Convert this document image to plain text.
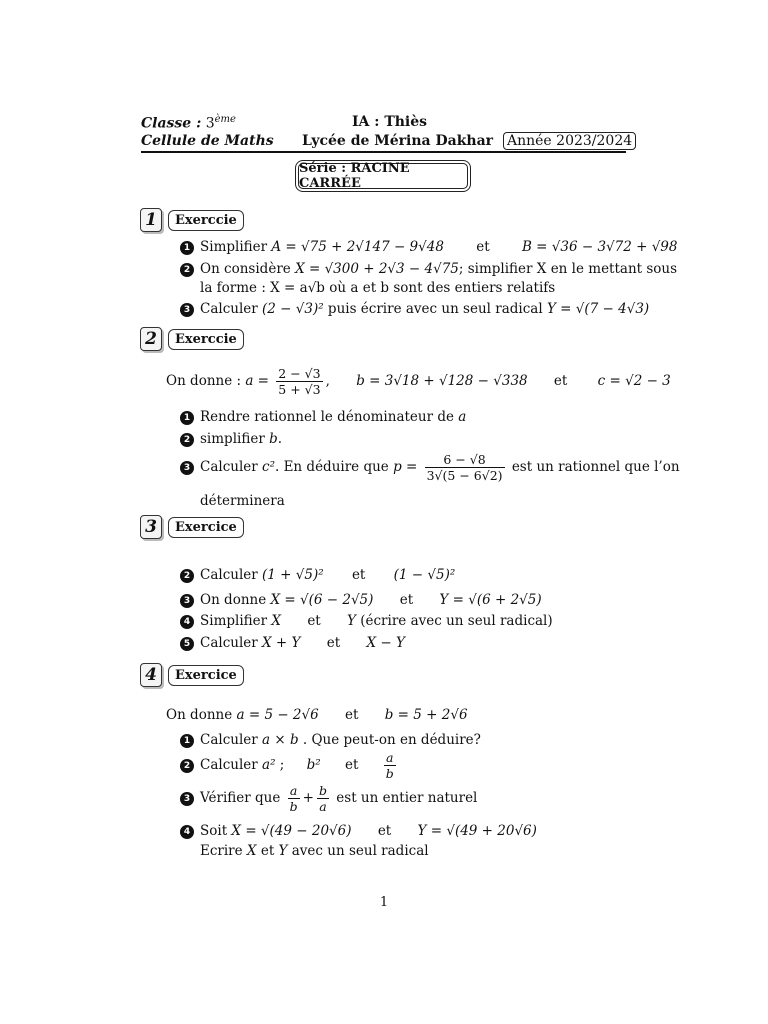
Classe : 3ème
Cellule de Maths
IA : Thiès
Lycée de Mérina Dakhar Année 2023/2024
Série : RACINE CARRÉE
1	Exerccie
1 Simplifier A = √75 + 2√147 − 9√48 et B = √36 − 3√72 + √98
2 On considère X = √300 + 2√3 − 4√75; simplifier X en le mettant sous
la forme : X = a√b où a et b sont des entiers relatifs
3 Calculer (2 − √3)² puis écrire avec un seul radical Y = √(7 − 4√3)
2	Exerccie
On donne : $a = \frac{2 - √3}{5 + √3}$ , b = 3√18 + √128 − √338 et c = √2 − 3
1 Rendre rationnel le dénominateur de a
2 simplifier b.
3 Calculer c². En déduire que $p = \frac{6 - √8}{3√(5 - 6√2)}$ est un rationnel que l’on
déterminera
3	Exercice
2 Calculer (1 + √5)² et (1 − √5)²
3 On donne X = √(6 − 2√5) et Y = √(6 + 2√5)
4 Simplifier X et Y (écrire avec un seul radical)
5 Calculer X + Y et X − Y
4	Exercice
On donne a = 5 − 2√6 et b = 5 + 2√6
1 Calculer a × b . Que peut-on en déduire?
2 Calculer a² ; b² et $\frac{a}{b}$
3 Vérifier que $\frac{a}{b} + \frac{b}{a}$ est un entier naturel
4 Soit X = √(49 − 20√6) et Y = √(49 + 20√6)
Ecrire X et Y avec un seul radical
1
